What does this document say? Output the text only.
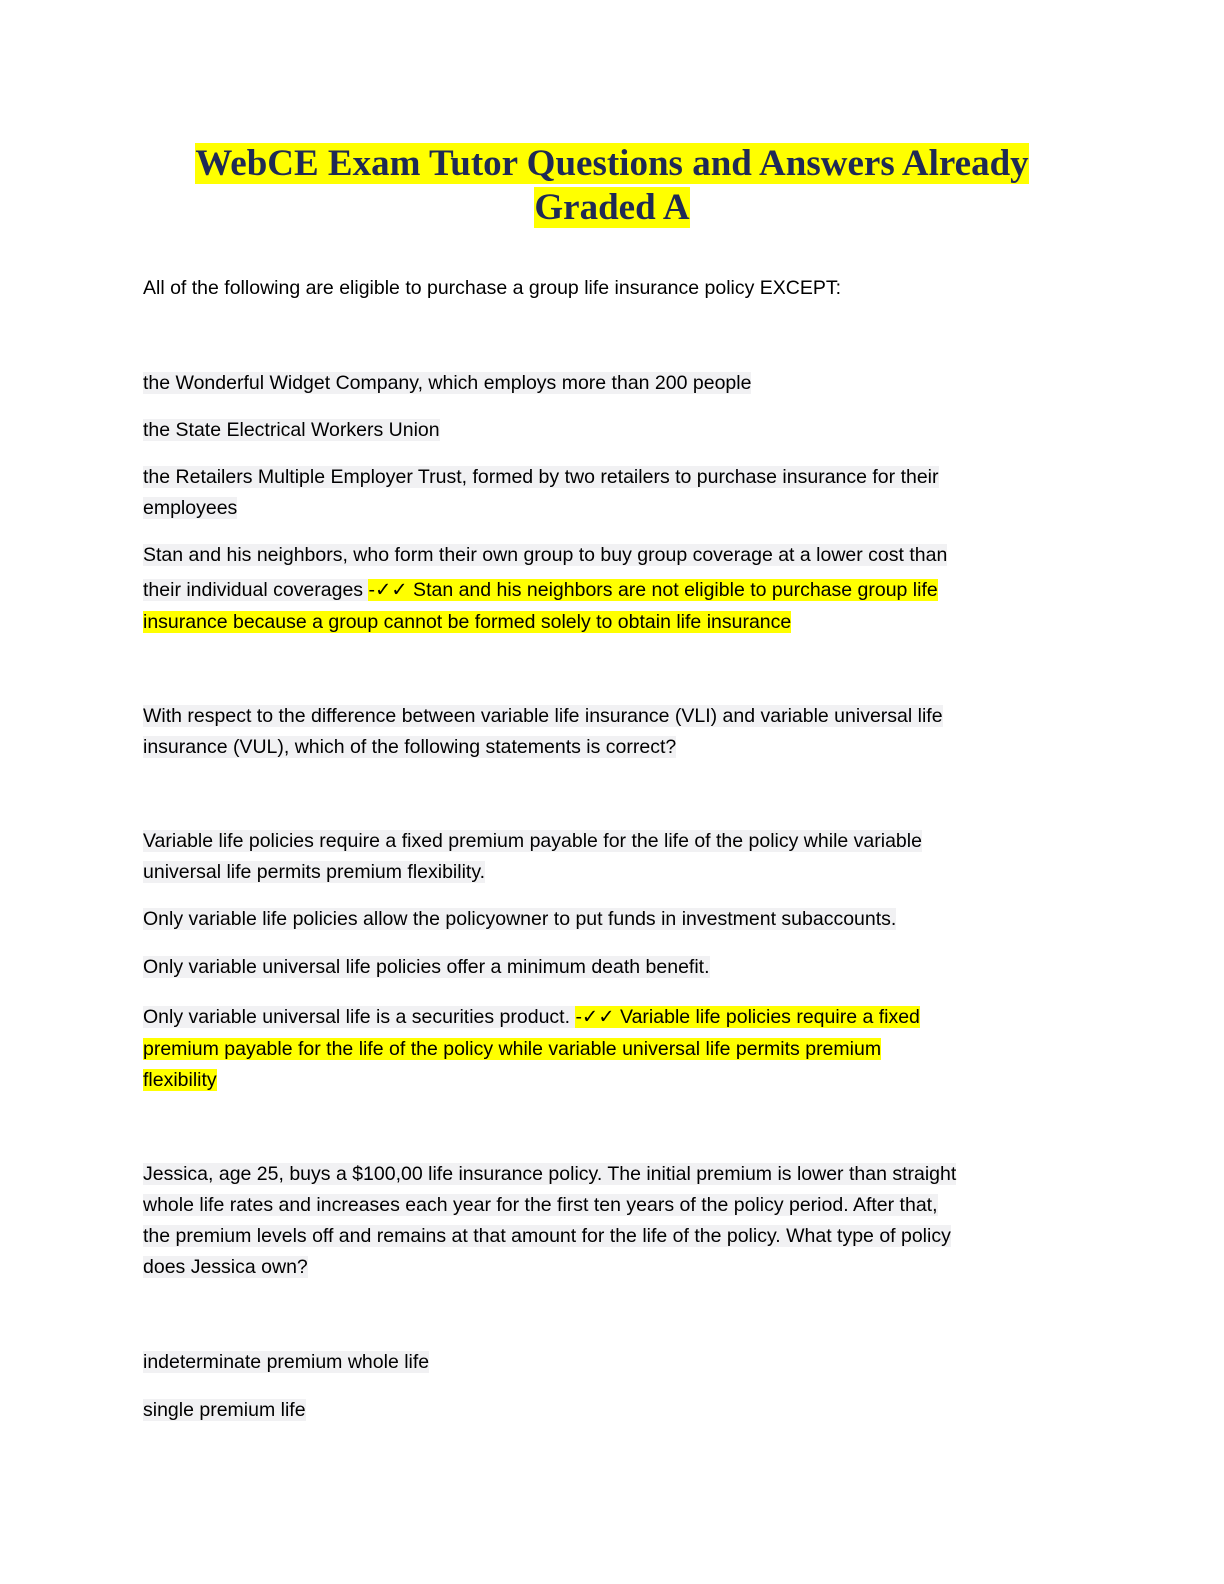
WebCE Exam Tutor Questions and Answers Already
Graded A
All of the following are eligible to purchase a group life insurance policy EXCEPT:
the Wonderful Widget Company, which employs more than 200 people
the State Electrical Workers Union
the Retailers Multiple Employer Trust, formed by two retailers to purchase insurance for their
employees
Stan and his neighbors, who form their own group to buy group coverage at a lower cost than
their individual coverages -✓✓ Stan and his neighbors are not eligible to purchase group life
insurance because a group cannot be formed solely to obtain life insurance
With respect to the difference between variable life insurance (VLI) and variable universal life
insurance (VUL), which of the following statements is correct?
Variable life policies require a fixed premium payable for the life of the policy while variable
universal life permits premium flexibility.
Only variable life policies allow the policyowner to put funds in investment subaccounts.
Only variable universal life policies offer a minimum death benefit.
Only variable universal life is a securities product. -✓✓ Variable life policies require a fixed
premium payable for the life of the policy while variable universal life permits premium
flexibility
Jessica, age 25, buys a $100,00 life insurance policy. The initial premium is lower than straight
whole life rates and increases each year for the first ten years of the policy period. After that,
the premium levels off and remains at that amount for the life of the policy. What type of policy
does Jessica own?
indeterminate premium whole life
single premium life
